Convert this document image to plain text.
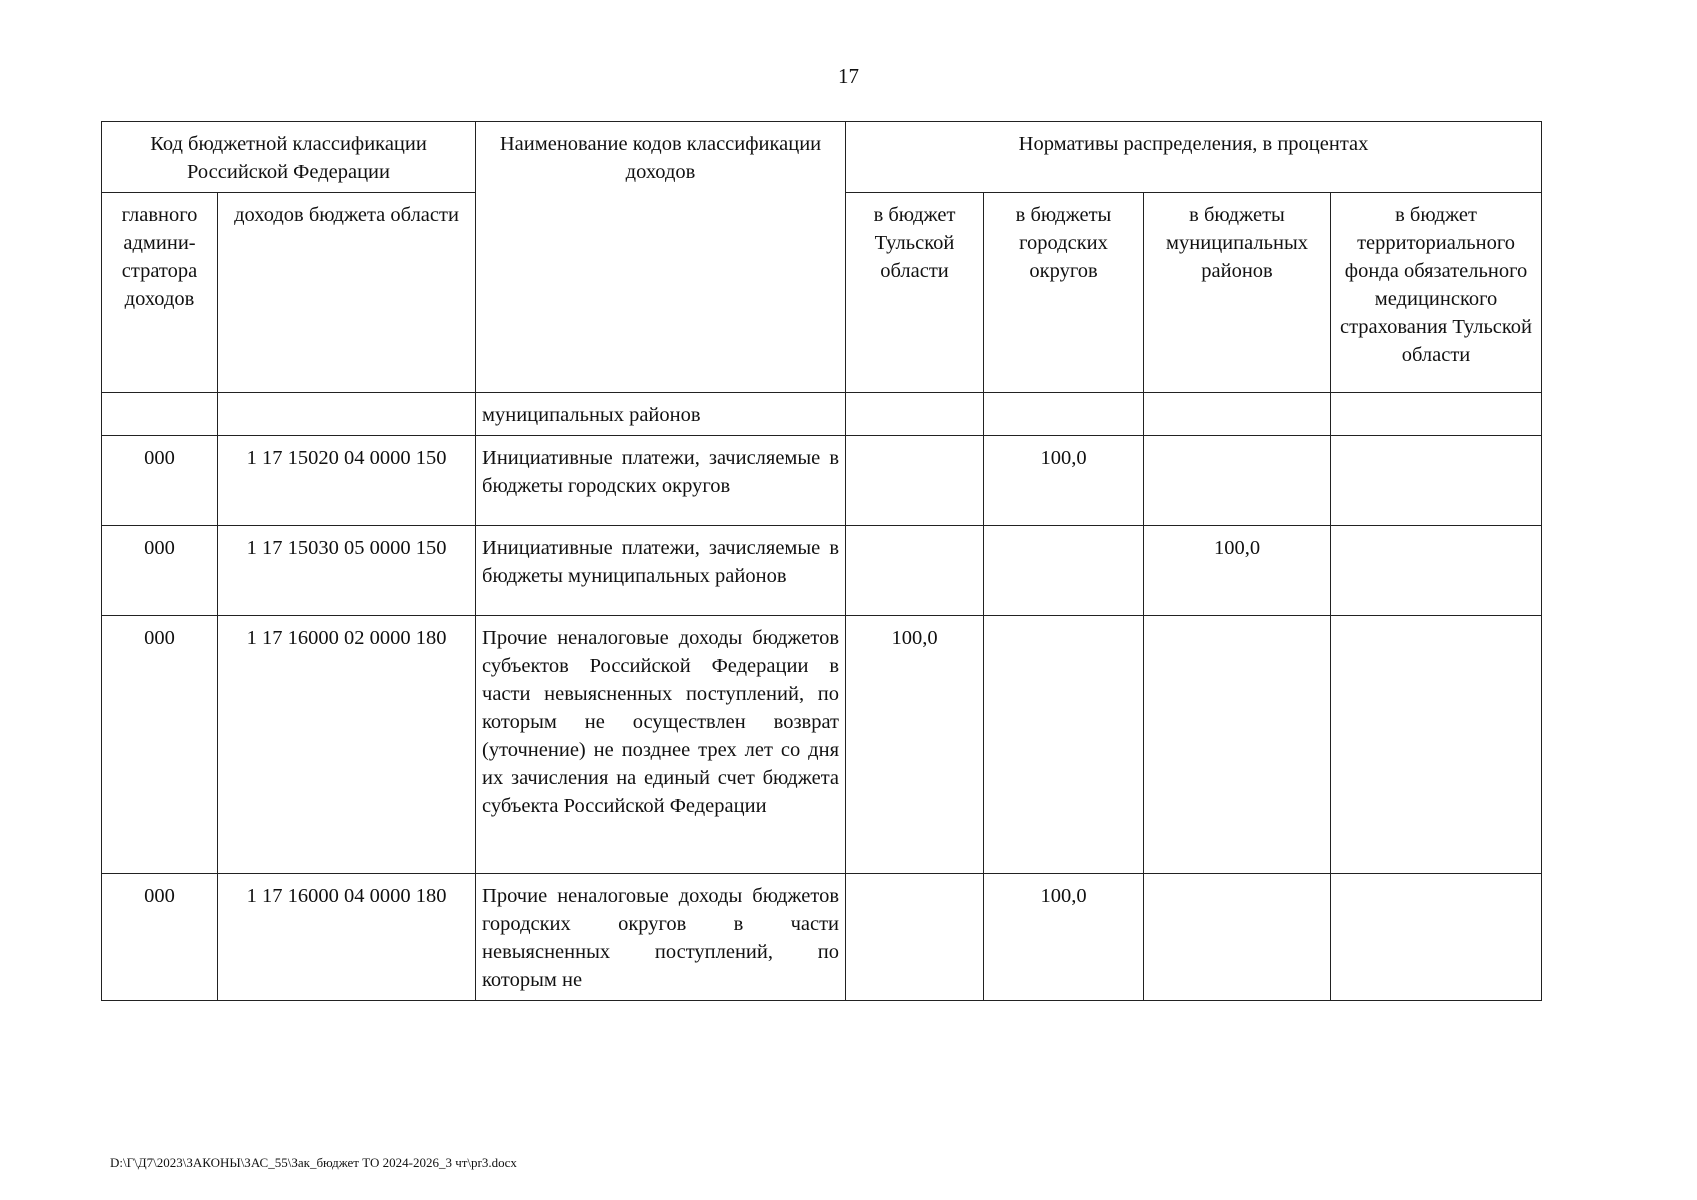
17
Код бюджетной классификации Российской Федерации		Наименование кодов классификации доходов	Нормативы распределения, в процентах			
главного админи-стратора доходов	доходов бюджета области		в бюджет Тульской области	в бюджеты городских округов	в бюджеты муниципальных районов	в бюджет территориального фонда обязательного медицинского страхования Тульской области
		муниципальных районов				
000	1 17 15020 04 0000 150	Инициативные платежи, зачисляемые в бюджеты городских округов		100,0		
000	1 17 15030 05 0000 150	Инициативные платежи, зачисляемые в бюджеты муниципальных районов			100,0	
000	1 17 16000 02 0000 180	Прочие неналоговые доходы бюджетов субъектов Российской Федерации в части невыясненных поступлений, по которым не осуществлен возврат (уточнение) не позднее трех лет со дня их зачисления на единый счет бюджета субъекта Российской Федерации	100,0			
000	1 17 16000 04 0000 180	Прочие неналоговые доходы бюджетов городских округов в части невыясненных поступлений, по которым не		100,0		
D:\Г\Д7\2023\ЗАКОНЫ\ЗАС_55\Зак_бюджет ТО 2024-2026_3 чт\pr3.docx
